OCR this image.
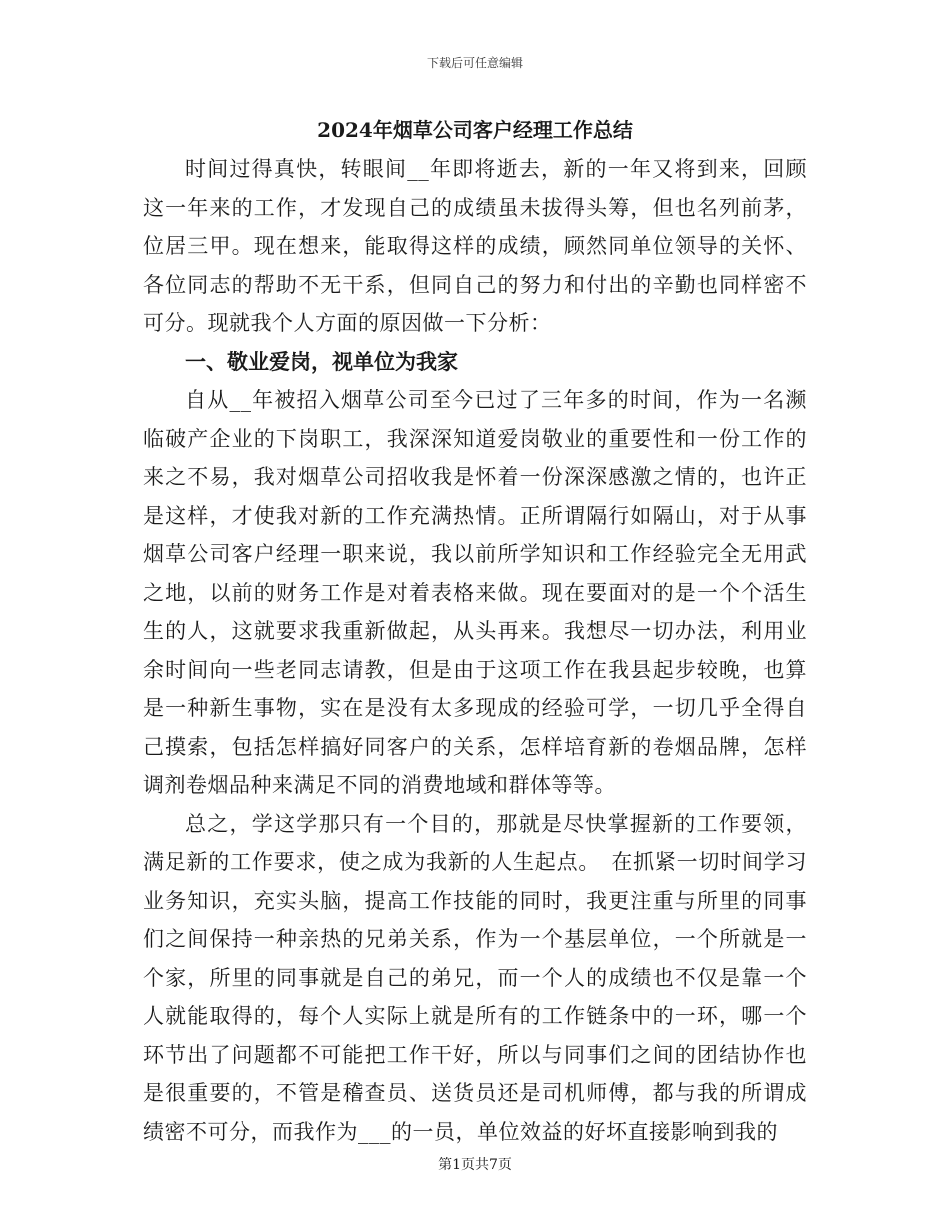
下载后可任意编辑
2024年烟草公司客户经理工作总结

时间过得真快，转眼间__年即将逝去，新的一年又将到来，回顾这一年来的工作，才发现自己的成绩虽未拔得头筹，但也名列前茅，位居三甲。现在想来，能取得这样的成绩，顾然同单位领导的关怀、各位同志的帮助不无干系，但同自己的努力和付出的辛勤也同样密不可分。现就我个人方面的原因做一下分析：

一、敬业爱岗，视单位为我家

自从__年被招入烟草公司至今已过了三年多的时间，作为一名濒临破产企业的下岗职工，我深深知道爱岗敬业的重要性和一份工作的来之不易，我对烟草公司招收我是怀着一份深深感激之情的，也许正是这样，才使我对新的工作充满热情。正所谓隔行如隔山，对于从事烟草公司客户经理一职来说，我以前所学知识和工作经验完全无用武之地，以前的财务工作是对着表格来做。现在要面对的是一个个活生生的人，这就要求我重新做起，从头再来。我想尽一切办法，利用业余时间向一些老同志请教，但是由于这项工作在我县起步较晚，也算是一种新生事物，实在是没有太多现成的经验可学，一切几乎全得自己摸索，包括怎样搞好同客户的关系，怎样培育新的卷烟品牌，怎样调剂卷烟品种来满足不同的消费地域和群体等等。

总之，学这学那只有一个目的，那就是尽快掌握新的工作要领，满足新的工作要求，使之成为我新的人生起点。　在抓紧一切时间学习业务知识，充实头脑，提高工作技能的同时，我更注重与所里的同事们之间保持一种亲热的兄弟关系，作为一个基层单位，一个所就是一个家，所里的同事就是自己的弟兄，而一个人的成绩也不仅是靠一个人就能取得的，每个人实际上就是所有的工作链条中的一环，哪一个环节出了问题都不可能把工作干好，所以与同事们之间的团结协作也是很重要的，不管是稽查员、送货员还是司机师傅，都与我的所谓成绩密不可分，而我作为___的一员，单位效益的好坏直接影响到我的

第1页共7页
